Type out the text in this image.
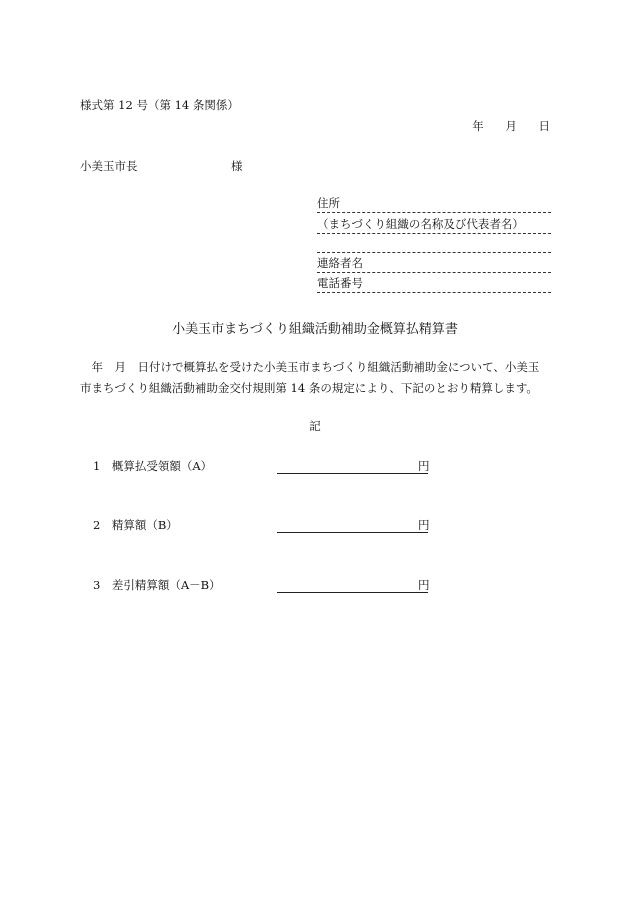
様式第 12 号（第 14 条関係）
年 月 日
小美玉市長	様
住所
（まちづくり組織の名称及び代表者名）
連絡者名
電話番号
小美玉市まちづくり組織活動補助金概算払精算書

　年　月　日付けで概算払を受けた小美玉市まちづくり組織活動補助金について、小美玉

市まちづくり組織活動補助金交付規則第 14 条の規定により、下記のとおり精算します。

記
1　概算払受領額（A）	円
2　精算額（B）	円
3　差引精算額（A－B）	円
